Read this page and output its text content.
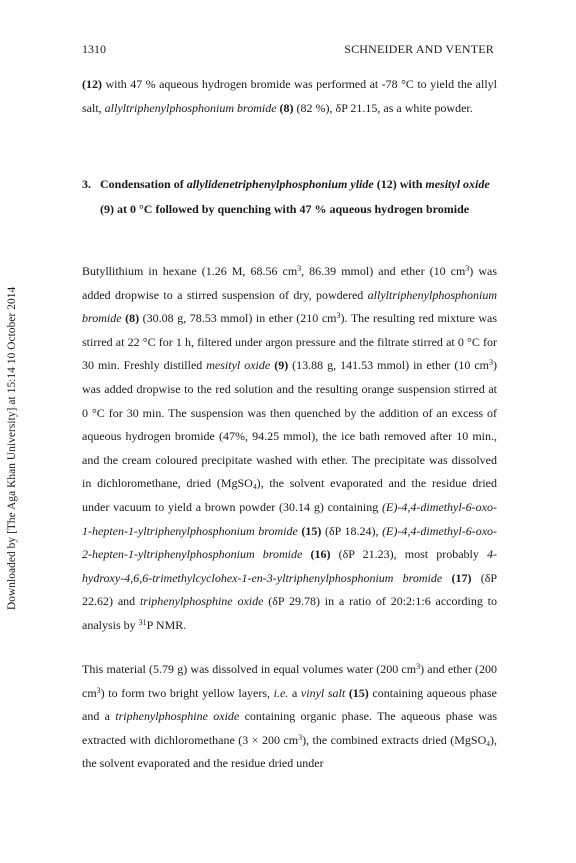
Downloaded by [The Aga Khan University] at 15:14 10 October 2014
1310	SCHNEIDER AND VENTER

(12) with 47 % aqueous hydrogen bromide was performed at -78 °C to yield the allyl salt, allyltriphenylphosphonium bromide (8) (82 %), δP 21.15, as a white powder.

3. Condensation of allylidenetriphenylphosphonium ylide (12) with mesityl oxide (9) at 0 °C followed by quenching with 47 % aqueous hydrogen bromide

Butyllithium in hexane (1.26 M, 68.56 $cm^3$, 86.39 mmol) and ether (10 $cm^3$) was added dropwise to a stirred suspension of dry, powdered allyltriphenylphosphonium bromide (8) (30.08 g, 78.53 mmol) in ether (210 $cm^3$). The resulting red mixture was stirred at 22 °C for 1 h, filtered under argon pressure and the filtrate stirred at 0 °C for 30 min. Freshly distilled mesityl oxide (9) (13.88 g, 141.53 mmol) in ether (10 $cm^3$) was added dropwise to the red solution and the resulting orange suspension stirred at 0 °C for 30 min. The suspension was then quenched by the addition of an excess of aqueous hydrogen bromide (47%, 94.25 mmol), the ice bath removed after 10 min., and the cream coloured precipitate washed with ether. The precipitate was dissolved in dichloromethane, dried (MgSO$_4$), the solvent evaporated and the residue dried under vacuum to yield a brown powder (30.14 g) containing (E)-4,4-dimethyl-6-oxo-1-hepten-1-yltriphenylphosphonium bromide (15) (δP 18.24), (E)-4,4-dimethyl-6-oxo-2-hepten-1-yltriphenylphosphonium bromide (16) (δP 21.23), most probably 4-hydroxy-4,6,6-trimethylcyclohex-1-en-3-yltriphenylphosphonium bromide (17) (δP 22.62) and triphenylphosphine oxide (δP 29.78) in a ratio of 20:2:1:6 according to analysis by $^{31}$P NMR.

This material (5.79 g) was dissolved in equal volumes water (200 $cm^3$) and ether (200 $cm^3$) to form two bright yellow layers, i.e. a vinyl salt (15) containing aqueous phase and a triphenylphosphine oxide containing organic phase. The aqueous phase was extracted with dichloromethane (3 × 200 $cm^3$), the combined extracts dried (MgSO$_4$), the solvent evaporated and the residue dried under
